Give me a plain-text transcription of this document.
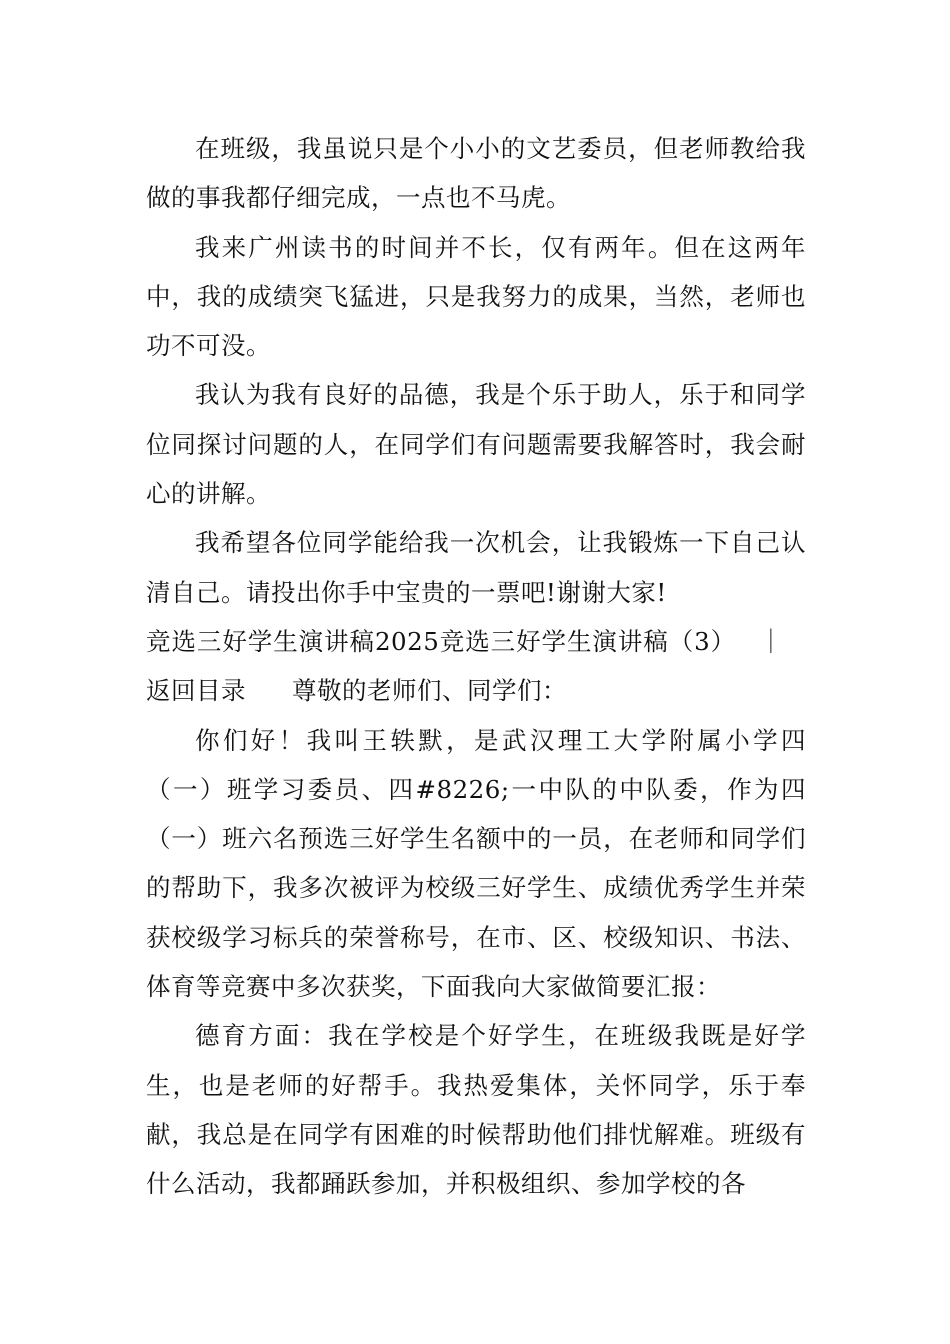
在班级，我虽说只是个小小的文艺委员，但老师教给我做的事我都仔细完成，一点也不马虎。

我来广州读书的时间并不长，仅有两年。但在这两年中，我的成绩突飞猛进，只是我努力的成果，当然，老师也功不可没。

我认为我有良好的品德，我是个乐于助人，乐于和同学位同探讨问题的人，在同学们有问题需要我解答时，我会耐心的讲解。

我希望各位同学能给我一次机会，让我锻炼一下自己认清自己。请投出你手中宝贵的一票吧!谢谢大家!

竞选三好学生演讲稿2025竞选三好学生演讲稿（3） ｜返回目录 尊敬的老师们、同学们：

你们好！我叫王轶默，是武汉理工大学附属小学四（一）班学习委员、四#8226;一中队的中队委，作为四（一）班六名预选三好学生名额中的一员，在老师和同学们的帮助下，我多次被评为校级三好学生、成绩优秀学生并荣获校级学习标兵的荣誉称号，在市、区、校级知识、书法、体育等竞赛中多次获奖，下面我向大家做简要汇报：

德育方面：我在学校是个好学生，在班级我既是好学生，也是老师的好帮手。我热爱集体，关怀同学，乐于奉献，我总是在同学有困难的时候帮助他们排忧解难。班级有什么活动，我都踊跃参加，并积极组织、参加学校的各
